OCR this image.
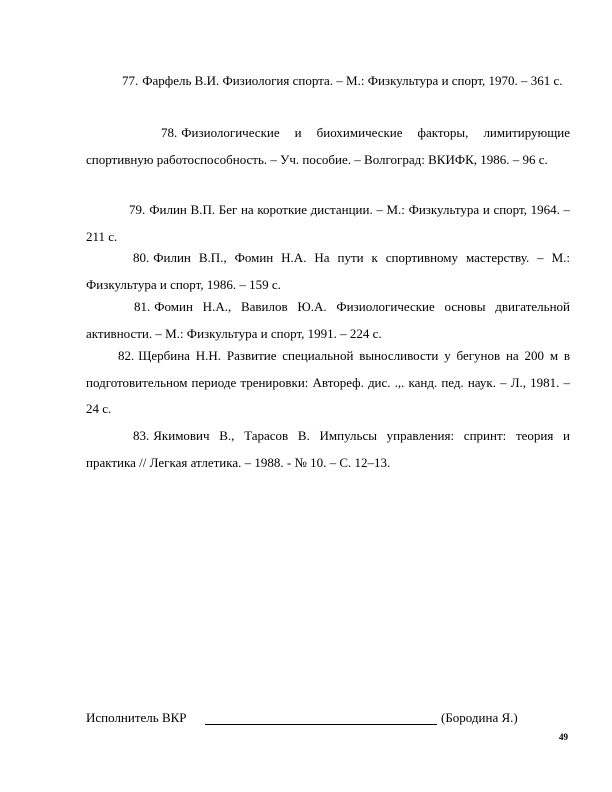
77. Фарфель В.И. Физиология спорта. – М.: Физкультура и спорт, 1970. – 361 с.

78. Физиологические и биохимические факторы, лимитирующие спортивную работоспособность. – Уч. пособие. – Волгоград: ВКИФК, 1986. – 96 с.

79. Филин В.П. Бег на короткие дистанции. – М.: Физкультура и спорт, 1964. – 211 с.

80. Филин В.П., Фомин Н.А. На пути к спортивному мастерству. – М.: Физкультура и спорт, 1986. – 159 с.

81. Фомин Н.А., Вавилов Ю.А. Физиологические основы двигательной активности. – М.: Физкультура и спорт, 1991. – 224 с.

82. Щербина Н.Н. Развитие специальной выносливости у бегунов на 200 м в подготовительном периоде тренировки: Автореф. дис. .,. канд. пед. наук. – Л., 1981. – 24 с.

83. Якимович В., Тарасов В. Импульсы управления: спринт: теория и практика // Легкая атлетика. – 1988. - № 10. – С. 12–13.

Исполнитель ВКР	(Бородина Я.)
49
